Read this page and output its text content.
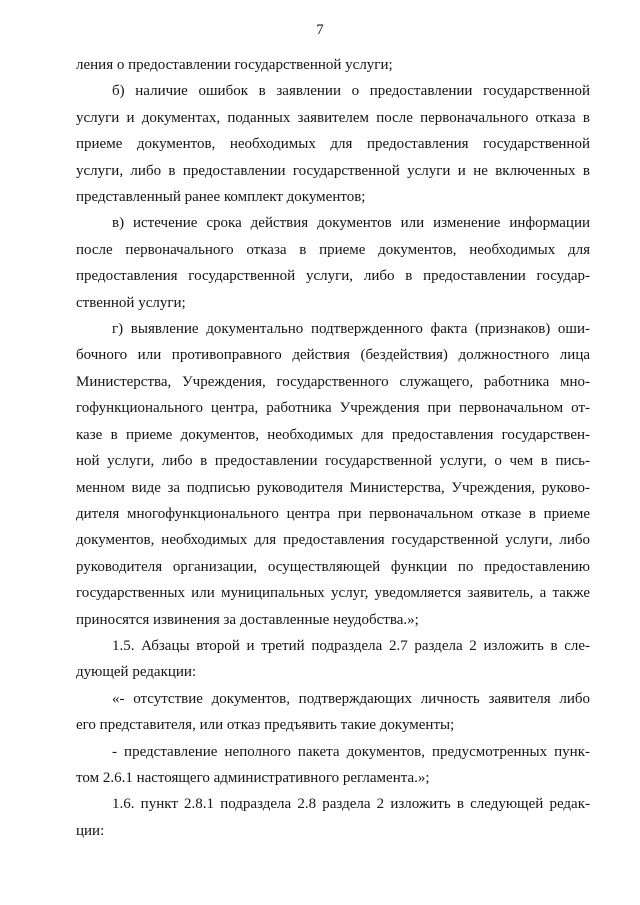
7
ления о предоставлении государственной услуги;
б) наличие ошибок в заявлении о предоставлении государственной
услуги и документах, поданных заявителем после первоначального отказа в
приеме документов, необходимых для предоставления государственной
услуги, либо в предоставлении государственной услуги и не включенных в
представленный ранее комплект документов;
в) истечение срока действия документов или изменение информации
после первоначального отказа в приеме документов, необходимых для
предоставления государственной услуги, либо в предоставлении государ-
ственной услуги;
г) выявление документально подтвержденного факта (признаков) оши-
бочного или противоправного действия (бездействия) должностного лица
Министерства, Учреждения, государственного служащего, работника мно-
гофункционального центра, работника Учреждения при первоначальном от-
казе в приеме документов, необходимых для предоставления государствен-
ной услуги, либо в предоставлении государственной услуги, о чем в пись-
менном виде за подписью руководителя Министерства, Учреждения, руково-
дителя многофункционального центра при первоначальном отказе в приеме
документов, необходимых для предоставления государственной услуги, либо
руководителя организации, осуществляющей функции по предоставлению
государственных или муниципальных услуг, уведомляется заявитель, а также
приносятся извинения за доставленные неудобства.»;
1.5. Абзацы второй и третий подраздела 2.7 раздела 2 изложить в сле-
дующей редакции:
«- отсутствие документов, подтверждающих личность заявителя либо
его представителя, или отказ предъявить такие документы;
- представление неполного пакета документов, предусмотренных пунк-
том 2.6.1 настоящего административного регламента.»;
1.6. пункт 2.8.1 подраздела 2.8 раздела 2 изложить в следующей редак-
ции:
